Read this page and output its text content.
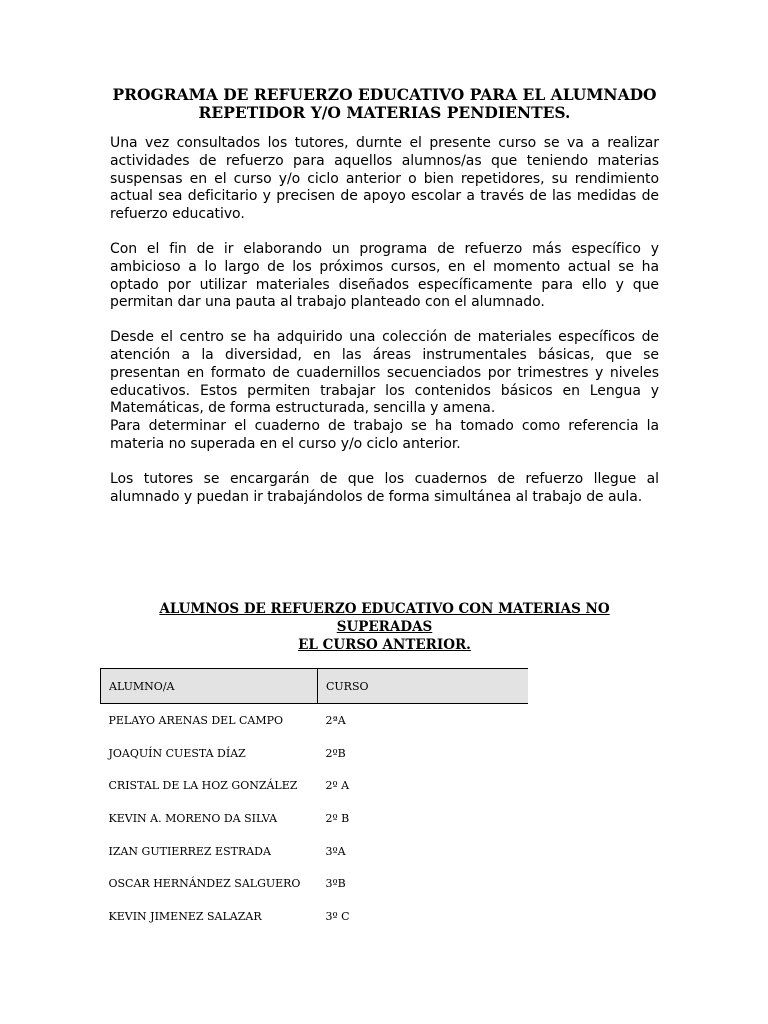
PROGRAMA DE REFUERZO EDUCATIVO PARA EL ALUMNADO
REPETIDOR Y/O MATERIAS PENDIENTES.

Una vez consultados los tutores, durnte el presente curso se va a realizar actividades de refuerzo para aquellos alumnos/as que teniendo materias suspensas en el curso y/o ciclo anterior o bien repetidores, su rendimiento actual sea deficitario y precisen de apoyo escolar a través de las medidas de refuerzo educativo.

Con el fin de ir elaborando un programa de refuerzo más específico y ambicioso a lo largo de los próximos cursos, en el momento actual se ha optado por utilizar materiales diseñados específicamente para ello y que permitan dar una pauta al trabajo planteado con el alumnado.

Desde el centro se ha adquirido una colección de materiales específicos de atención a la diversidad, en las áreas instrumentales básicas, que se presentan en formato de cuadernillos secuenciados por trimestres y niveles educativos. Estos permiten trabajar los contenidos básicos en Lengua y Matemáticas, de forma estructurada, sencilla y amena.

Para determinar el cuaderno de trabajo se ha tomado como referencia la materia no superada en el curso y/o ciclo anterior.

Los tutores se encargarán de que los cuadernos de refuerzo llegue al alumnado y puedan ir trabajándolos de forma simultánea al trabajo de aula.

ALUMNOS DE REFUERZO EDUCATIVO CON MATERIAS NO SUPERADAS
EL CURSO ANTERIOR.
ALUMNO/A	CURSO
PELAYO ARENAS DEL CAMPO	2ªA
JOAQUÍN CUESTA DÍAZ	2ºB
CRISTAL DE LA HOZ GONZÁLEZ	2º A
KEVIN A. MORENO DA SILVA	2º B
IZAN GUTIERREZ ESTRADA	3ºA
OSCAR HERNÁNDEZ SALGUERO	3ºB
KEVIN JIMENEZ SALAZAR	3º C
